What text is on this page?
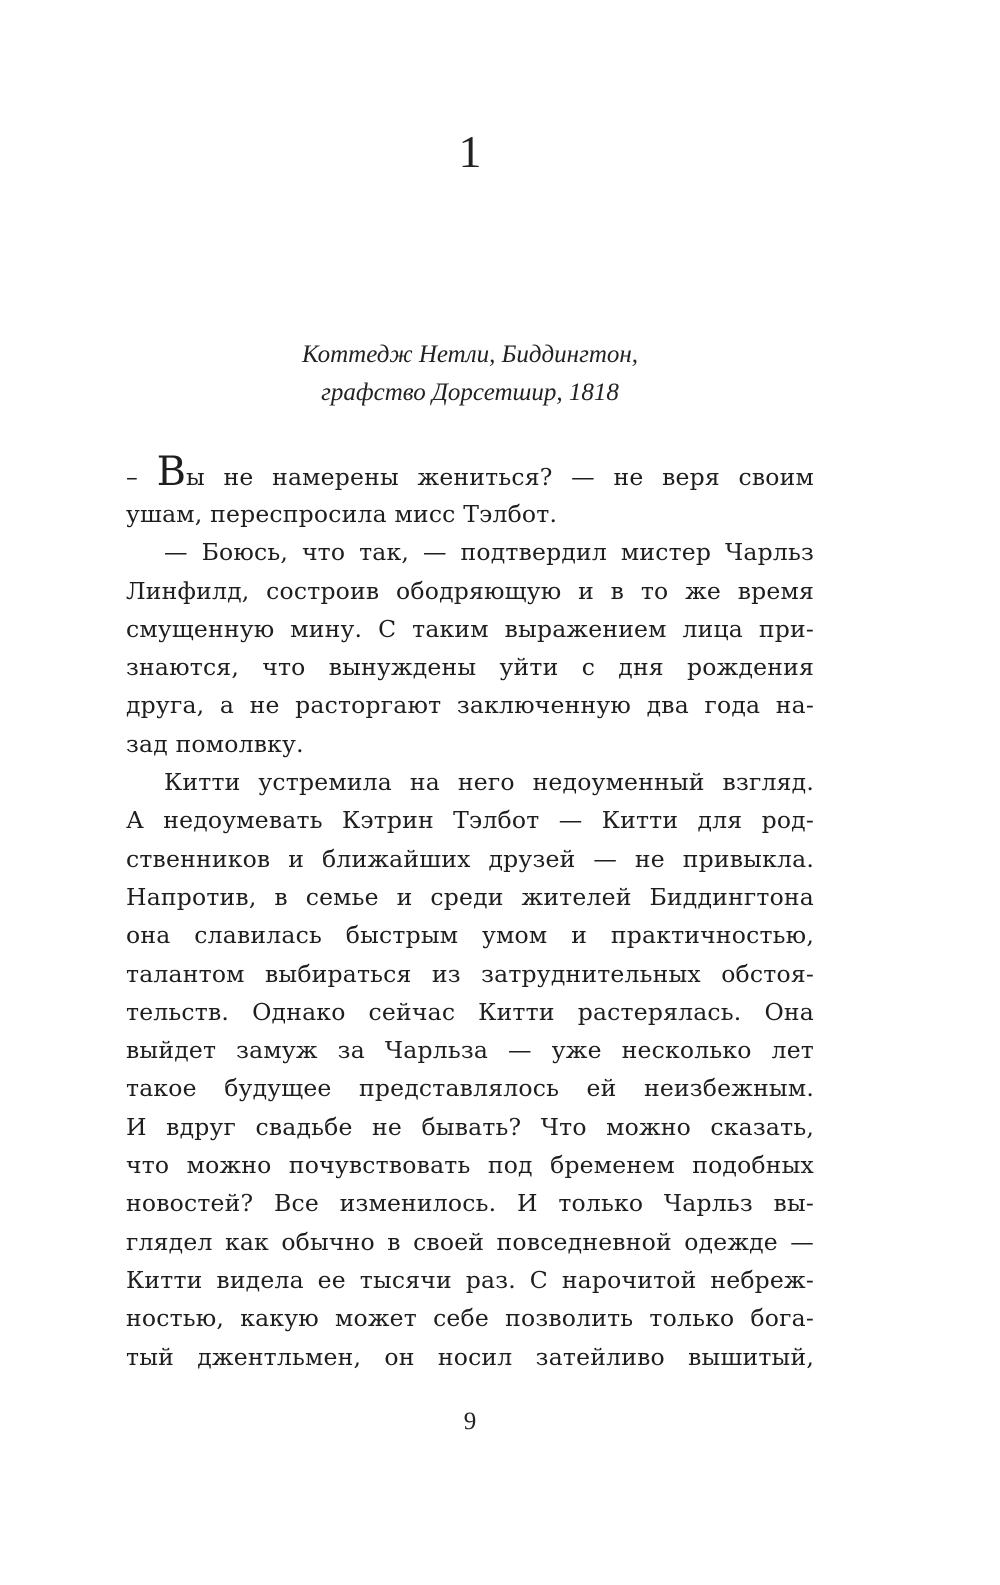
1
Коттедж Нетли, Биддингтон,
графство Дорсетшир, 1818
– Вы не намерены жениться? — не веря своим
ушам, переспросила мисс Тэлбот.
— Боюсь, что так, — подтвердил мистер Чарльз
Линфилд, состроив ободряющую и в то же время
смущенную мину. С таким выражением лица при-
знаются, что вынуждены уйти с дня рождения
друга, а не расторгают заключенную два года на-
зад помолвку.
Китти устремила на него недоуменный взгляд.
А недоумевать Кэтрин Тэлбот — Китти для род-
ственников и ближайших друзей — не привыкла.
Напротив, в семье и среди жителей Биддингтона
она славилась быстрым умом и практичностью,
талантом выбираться из затруднительных обстоя-
тельств. Однако сейчас Китти растерялась. Она
выйдет замуж за Чарльза — уже несколько лет
такое будущее представлялось ей неизбежным.
И вдруг свадьбе не бывать? Что можно сказать,
что можно почувствовать под бременем подобных
новостей? Все изменилось. И только Чарльз вы-
глядел как обычно в своей повседневной одежде —
Китти видела ее тысячи раз. С нарочитой небреж-
ностью, какую может себе позволить только бога-
тый джентльмен, он носил затейливо вышитый,
9
